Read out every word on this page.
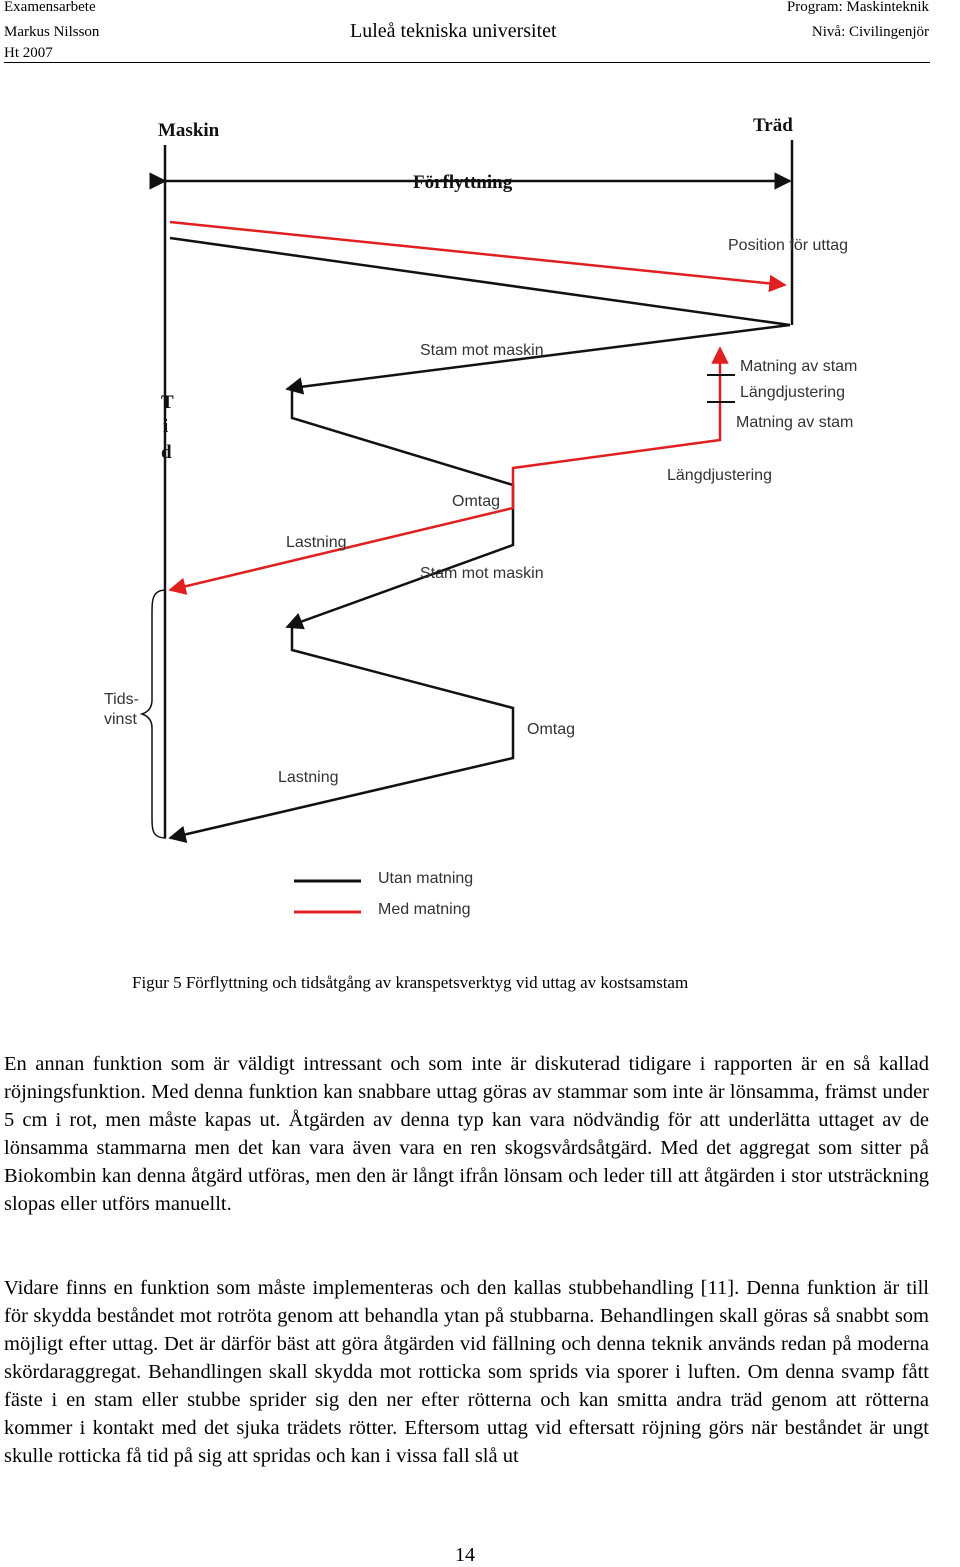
Examensarbete
Markus Nilsson
Ht 2007
Luleå tekniska universitet
Program: Maskinteknik
Nivå: Civilingenjör
Maskin	Träd
Förflyttning
T
i
d
Position för uttag
Stam mot maskin
Matning av stam
Längdjustering
Matning av stam
Längdjustering
Omtag
Lastning
Stam mot maskin
Tids-
vinst
Omtag
Lastning
Utan matning
Med matning
Figur 5 Förflyttning och tidsåtgång av kranspetsverktyg vid uttag av kostsamstam

En annan funktion som är väldigt intressant och som inte är diskuterad tidigare i rapporten är en så kallad röjningsfunktion. Med denna funktion kan snabbare uttag göras av stammar som inte är lönsamma, främst under 5 cm i rot, men måste kapas ut. Åtgärden av denna typ kan vara nödvändig för att underlätta uttaget av de lönsamma stammarna men det kan vara även vara en ren skogsvårdsåtgärd. Med det aggregat som sitter på Biokombin kan denna åtgärd utföras, men den är långt ifrån lönsam och leder till att åtgärden i stor utsträckning slopas eller utförs manuellt.

Vidare finns en funktion som måste implementeras och den kallas stubbehandling [11]. Denna funktion är till för skydda beståndet mot rotröta genom att behandla ytan på stubbarna. Behandlingen skall göras så snabbt som möjligt efter uttag. Det är därför bäst att göra åtgärden vid fällning och denna teknik används redan på moderna skördaraggregat. Behandlingen skall skydda mot rotticka som sprids via sporer i luften. Om denna svamp fått fäste i en stam eller stubbe sprider sig den ner efter rötterna och kan smitta andra träd genom att rötterna kommer i kontakt med det sjuka trädets rötter. Eftersom uttag vid eftersatt röjning görs när beståndet är ungt skulle rotticka få tid på sig att spridas och kan i vissa fall slå ut

14
